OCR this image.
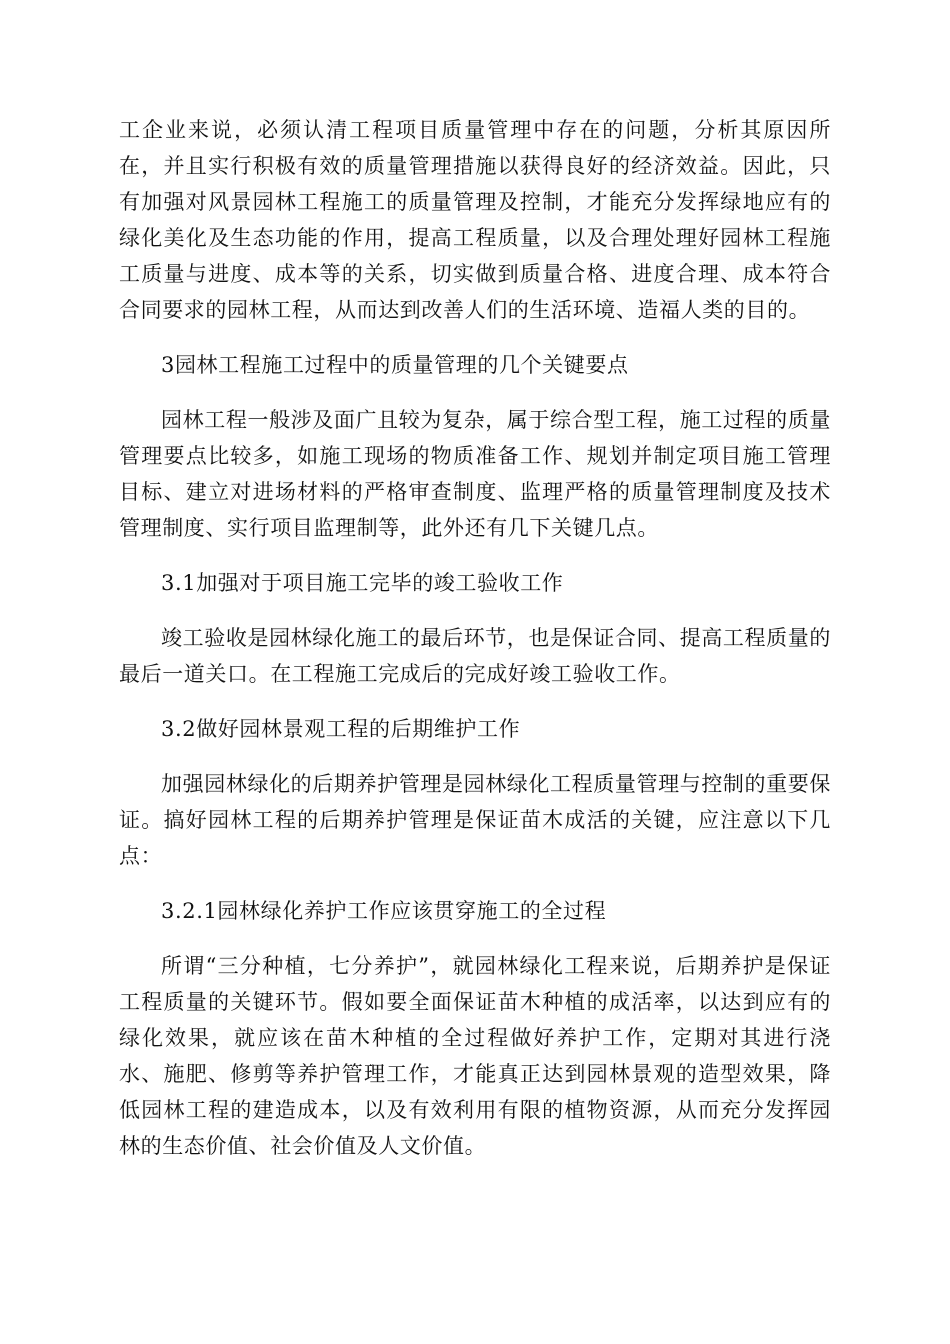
工企业来说，必须认清工程项目质量管理中存在的问题，分析其原因所在，并且实行积极有效的质量管理措施以获得良好的经济效益。因此，只有加强对风景园林工程施工的质量管理及控制，才能充分发挥绿地应有的绿化美化及生态功能的作用，提高工程质量，以及合理处理好园林工程施工质量与进度、成本等的关系，切实做到质量合格、进度合理、成本符合合同要求的园林工程，从而达到改善人们的生活环境、造福人类的目的。

3园林工程施工过程中的质量管理的几个关键要点

园林工程一般涉及面广且较为复杂，属于综合型工程，施工过程的质量管理要点比较多，如施工现场的物质准备工作、规划并制定项目施工管理目标、建立对进场材料的严格审查制度、监理严格的质量管理制度及技术管理制度、实行项目监理制等，此外还有几下关键几点。

3.1加强对于项目施工完毕的竣工验收工作

竣工验收是园林绿化施工的最后环节，也是保证合同、提高工程质量的最后一道关口。在工程施工完成后的完成好竣工验收工作。

3.2做好园林景观工程的后期维护工作

加强园林绿化的后期养护管理是园林绿化工程质量管理与控制的重要保证。搞好园林工程的后期养护管理是保证苗木成活的关键，应注意以下几点：

3.2.1园林绿化养护工作应该贯穿施工的全过程

所谓“三分种植，七分养护”，就园林绿化工程来说，后期养护是保证工程质量的关键环节。假如要全面保证苗木种植的成活率，以达到应有的绿化效果，就应该在苗木种植的全过程做好养护工作，定期对其进行浇水、施肥、修剪等养护管理工作，才能真正达到园林景观的造型效果，降低园林工程的建造成本，以及有效利用有限的植物资源，从而充分发挥园林的生态价值、社会价值及人文价值。
